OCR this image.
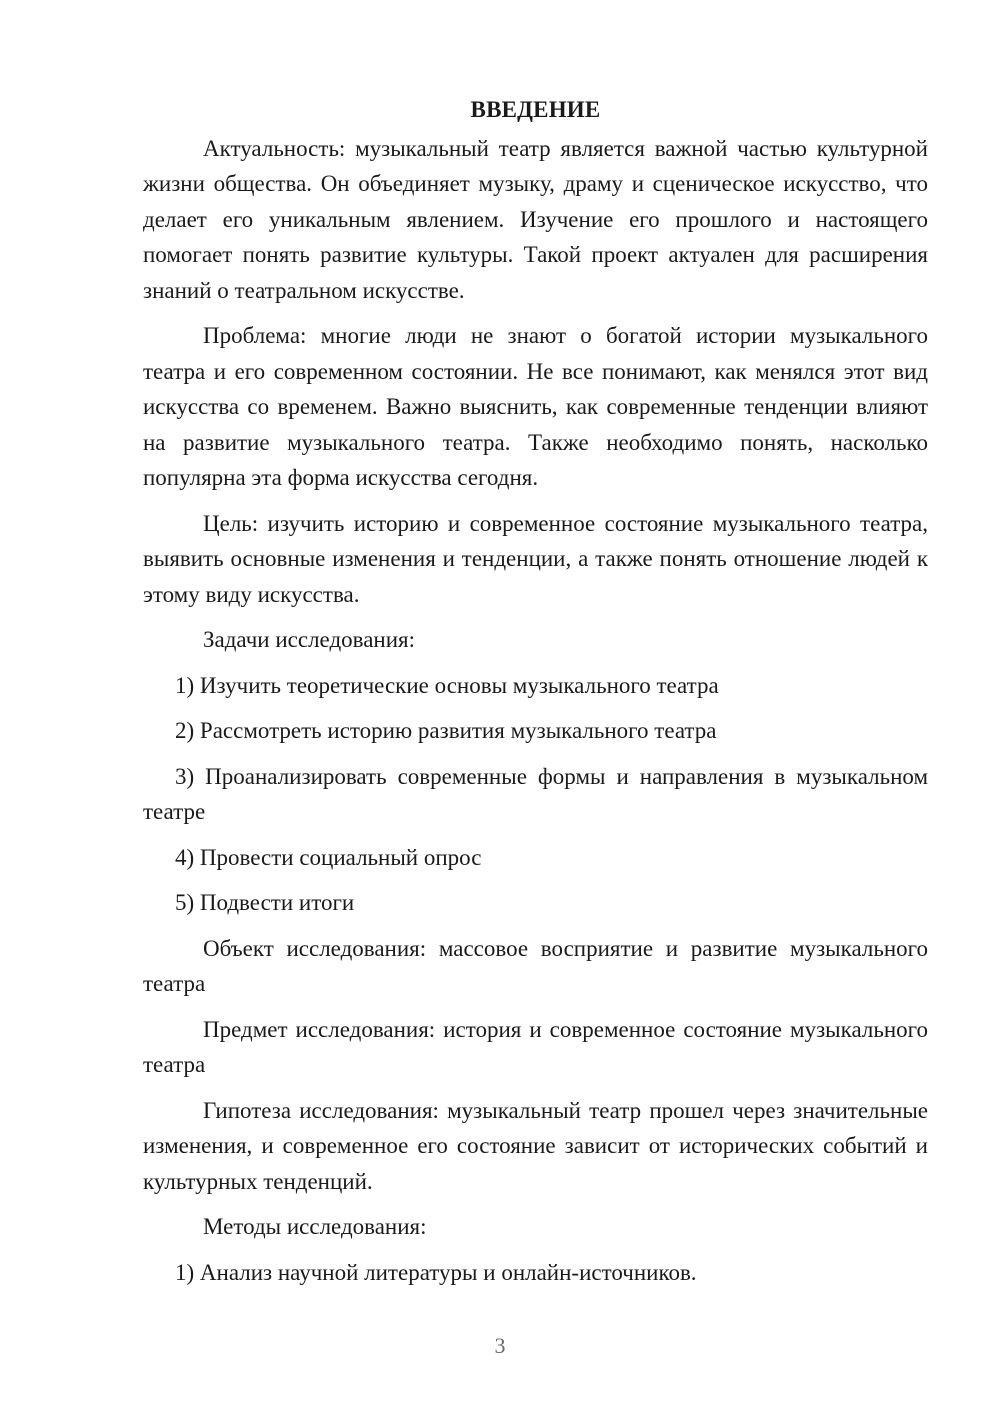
ВВЕДЕНИЕ

Актуальность: музыкальный театр является важной частью культурной жизни общества. Он объединяет музыку, драму и сценическое искусство, что делает его уникальным явлением. Изучение его прошлого и настоящего помогает понять развитие культуры. Такой проект актуален для расширения знаний о театральном искусстве.

Проблема: многие люди не знают о богатой истории музыкального театра и его современном состоянии. Не все понимают, как менялся этот вид искусства со временем. Важно выяснить, как современные тенденции влияют на развитие музыкального театра. Также необходимо понять, насколько популярна эта форма искусства сегодня.

Цель: изучить историю и современное состояние музыкального театра, выявить основные изменения и тенденции, а также понять отношение людей к этому виду искусства.

Задачи исследования:

1) Изучить теоретические основы музыкального театра

2) Рассмотреть историю развития музыкального театра

3) Проанализировать современные формы и направления в музыкальном театре

4) Провести социальный опрос

5) Подвести итоги

Объект исследования: массовое восприятие и развитие музыкального театра

Предмет исследования: история и современное состояние музыкального театра

Гипотеза исследования: музыкальный театр прошел через значительные изменения, и современное его состояние зависит от исторических событий и культурных тенденций.

Методы исследования:

1) Анализ научной литературы и онлайн-источников.

3
